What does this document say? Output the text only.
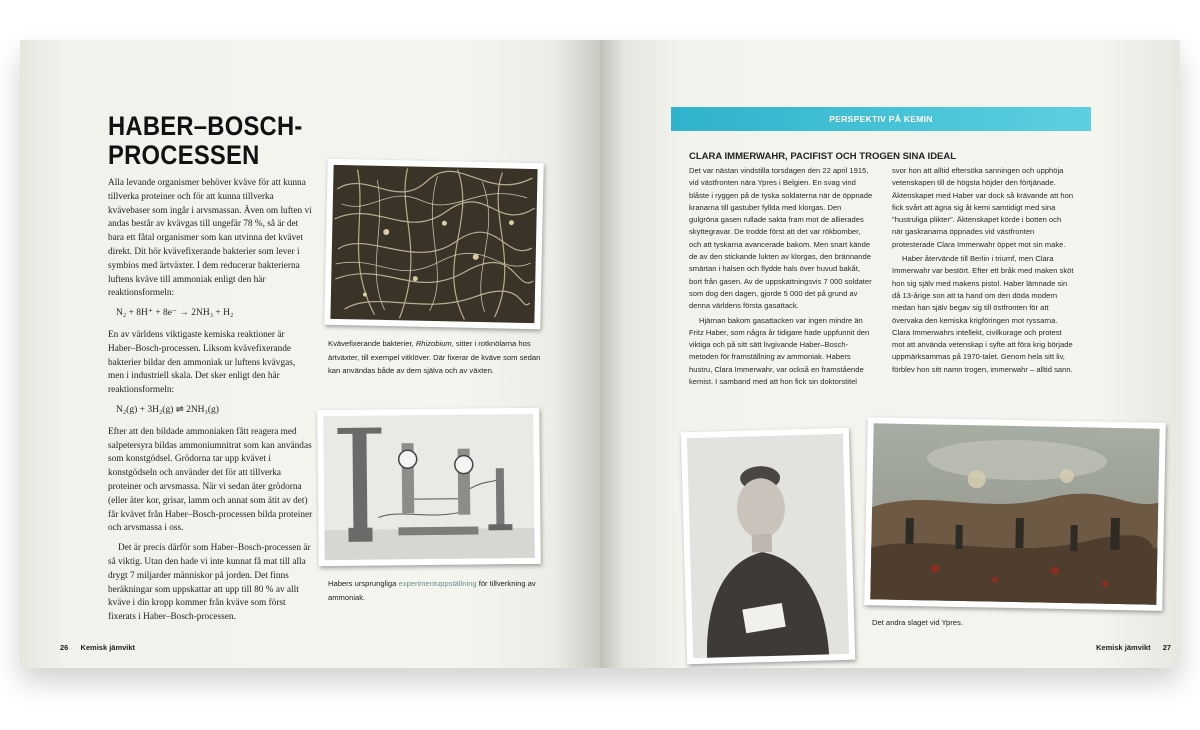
HABER–BOSCH-
PROCESSEN

Alla levande organismer behöver kväve för att kunna tillverka proteiner och för att kunna tillverka kvävebaser som ingår i arvsmassan. Även om luften vi andas består av kvävgas till ungefär 78 %, så är det bara ett fåtal organismer som kan utvinna det kvävet direkt. Dit hör kvävefixerande bakterier som lever i symbios med ärtväxter. I dem reducerar bakterierna luftens kväve till ammoniak enligt den här reaktionsformeln:

N₂ + 8H⁺ + 8e⁻ → 2NH₃ + H₂

En av världens viktigaste kemiska reaktioner är Haber–Bosch-processen. Liksom kvävefixerande bakterier bildar den ammoniak ur luftens kvävgas, men i industriell skala. Det sker enligt den här reaktionsformeln:

N₂(g) + 3H₂(g) ⇌ 2NH₃(g)

Efter att den bildade ammoniaken fått reagera med salpetersyra bildas ammoniumnitrat som kan användas som konstgödsel. Grödorna tar upp kvävet i konstgödseln och använder det för att tillverka proteiner och arvsmassa. När vi sedan äter grödorna (eller äter kor, grisar, lamm och annat som ätit av det) får kvävet från Haber–Bosch-processen bilda proteiner och arvsmassa i oss.

Det är precis därför som Haber–Bosch-processen är så viktig. Utan den hade vi inte kunnat få mat till alla drygt 7 miljarder människor på jorden. Det finns beräkningar som uppskattar att upp till 80 % av allt kväve i din kropp kommer från kväve som först fixerats i Haber–Bosch-processen.

Kvävefixerande bakterier, Rhizobium, sitter i rotknölarna hos ärtväxter, till exempel vitklöver. Där fixerar de kväve som sedan kan användas både av dem själva och av växten.
Habers ursprungliga experimentuppställning för tillverkning av ammoniak.
26 Kemisk jämvikt
PERSPEKTIV PÅ KEMIN
CLARA IMMERWAHR, PACIFIST OCH TROGEN SINA IDEAL

Det var nästan vindstilla torsdagen den 22 april 1915, vid västfronten nära Ypres i Belgien. En svag vind blåste i ryggen på de tyska soldaterna när de öppnade kranarna till gastuber fyllda med klorgas. Den gulgröna gasen rullade sakta fram mot de allierades skyttegravar. De trodde först att det var rökbomber, och att tyskarna avancerade bakom. Men snart kände de av den stickande lukten av klorgas, den brännande smärtan i halsen och flydde hals över huvud bakåt, bort från gasen. Av de uppskattningsvis 7 000 soldater som dog den dagen, gjorde 5 000 det på grund av denna världens första gasattack.

Hjärnan bakom gasattacken var ingen mindre än Fritz Haber, som några år tidigare hade uppfunnit den viktiga och på sitt sätt livgivande Haber–Bosch-metoden för framställning av ammoniak. Habers hustru, Clara Immerwahr, var också en framstående kemist. I samband med att hon fick sin doktorstitel

svor hon att alltid eftersöka sanningen och upphöja vetenskapen till de högsta höjder den förtjänade. Äktenskapet med Haber var dock så krävande att hon fick svårt att ägna sig åt kemi samtidigt med sina "hustruliga plikter". Äktenskapet körde i botten och när gaskranarna öppnades vid västfronten protesterade Clara Immerwahr öppet mot sin make.

Haber återvände till Berlin i triumf, men Clara Immerwahr var bestört. Efter ett bråk med maken sköt hon sig själv med makens pistol. Haber lämnade sin då 13-årige son att ta hand om den döda modern medan han själv begav sig till östfronten för att övervaka den kemiska krigföringen mot ryssarna. Clara Immerwahrs intellekt, civilkurage och protest mot att använda vetenskap i syfte att föra krig började uppmärksammas på 1970-talet. Genom hela sitt liv, förblev hon sitt namn trogen, immerwahr – alltid sann.

Det andra slaget vid Ypres.
Kemisk jämvikt 27
